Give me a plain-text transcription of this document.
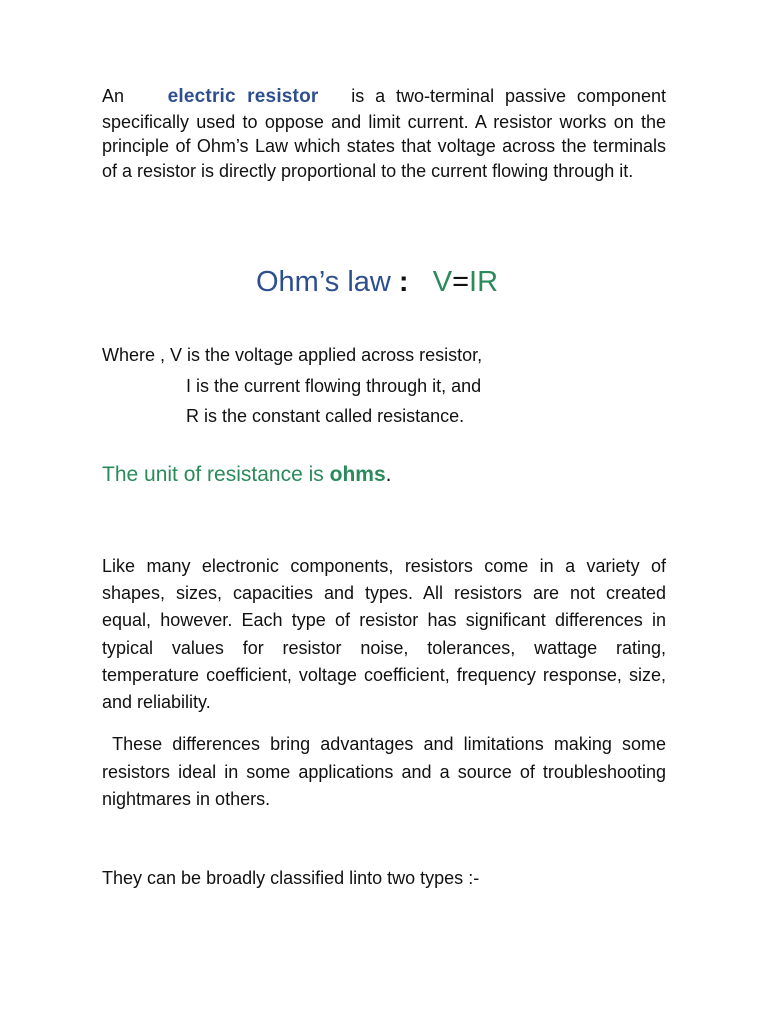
An electric resistor is a two-terminal passive component specifically used to oppose and limit current. A resistor works on the principle of Ohm’s Law which states that voltage across the terminals of a resistor is directly proportional to the current flowing through it.

Ohm’s law : V=IR
Where , V is the voltage applied across resistor,
I is the current flowing through it, and
R is the constant called resistance.
The unit of resistance is ohms.

Like many electronic components, resistors come in a variety of shapes, sizes, capacities and types. All resistors are not created equal, however. Each type of resistor has significant differences in typical values for resistor noise, tolerances, wattage rating, temperature coefficient, voltage coefficient, frequency response, size, and reliability.

These differences bring advantages and limitations making some resistors ideal in some applications and a source of troubleshooting nightmares in others.

They can be broadly classified linto two types :-
